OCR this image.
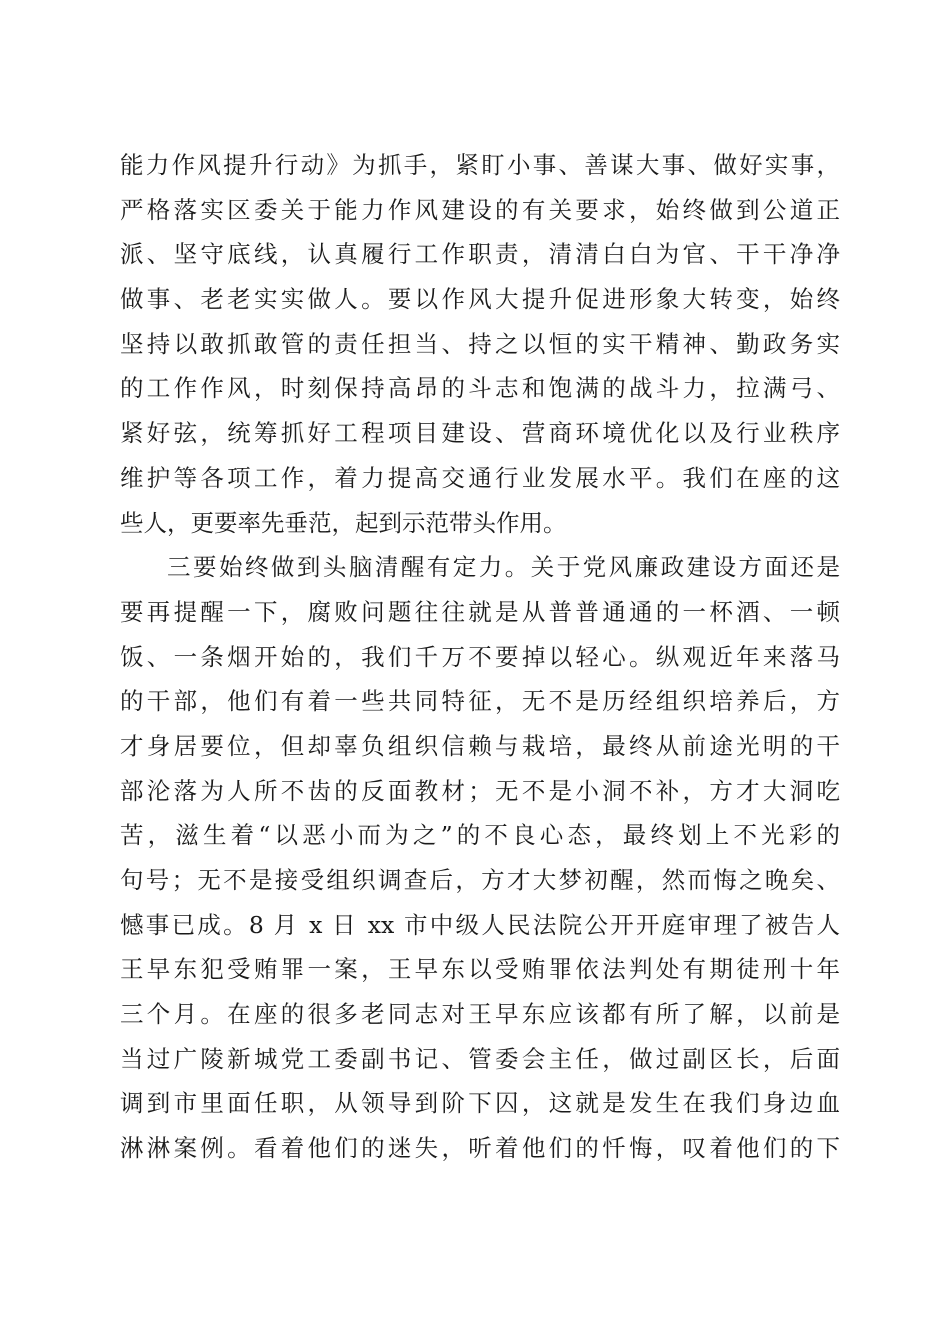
能力作风提升行动》为抓手，紧盯小事、善谋大事、做好实事，
严格落实区委关于能力作风建设的有关要求，始终做到公道正
派、坚守底线，认真履行工作职责，清清白白为官、干干净净
做事、老老实实做人。要以作风大提升促进形象大转变，始终
坚持以敢抓敢管的责任担当、持之以恒的实干精神、勤政务实
的工作作风，时刻保持高昂的斗志和饱满的战斗力，拉满弓、
紧好弦，统筹抓好工程项目建设、营商环境优化以及行业秩序
维护等各项工作，着力提高交通行业发展水平。我们在座的这
些人，更要率先垂范，起到示范带头作用。
三要始终做到头脑清醒有定力。关于党风廉政建设方面还是
要再提醒一下，腐败问题往往就是从普普通通的一杯酒、一顿
饭、一条烟开始的，我们千万不要掉以轻心。纵观近年来落马
的干部，他们有着一些共同特征，无不是历经组织培养后，方
才身居要位，但却辜负组织信赖与栽培，最终从前途光明的干
部沦落为人所不齿的反面教材；无不是小洞不补，方才大洞吃
苦，滋生着“以恶小而为之”的不良心态，最终划上不光彩的
句号；无不是接受组织调查后，方才大梦初醒，然而悔之晚矣、
憾事已成。8 月 x 日 xx 市中级人民法院公开开庭审理了被告人
王早东犯受贿罪一案，王早东以受贿罪依法判处有期徒刑十年
三个月。在座的很多老同志对王早东应该都有所了解，以前是
当过广陵新城党工委副书记、管委会主任，做过副区长，后面
调到市里面任职，从领导到阶下囚，这就是发生在我们身边血
淋淋案例。看着他们的迷失，听着他们的忏悔，叹着他们的下
